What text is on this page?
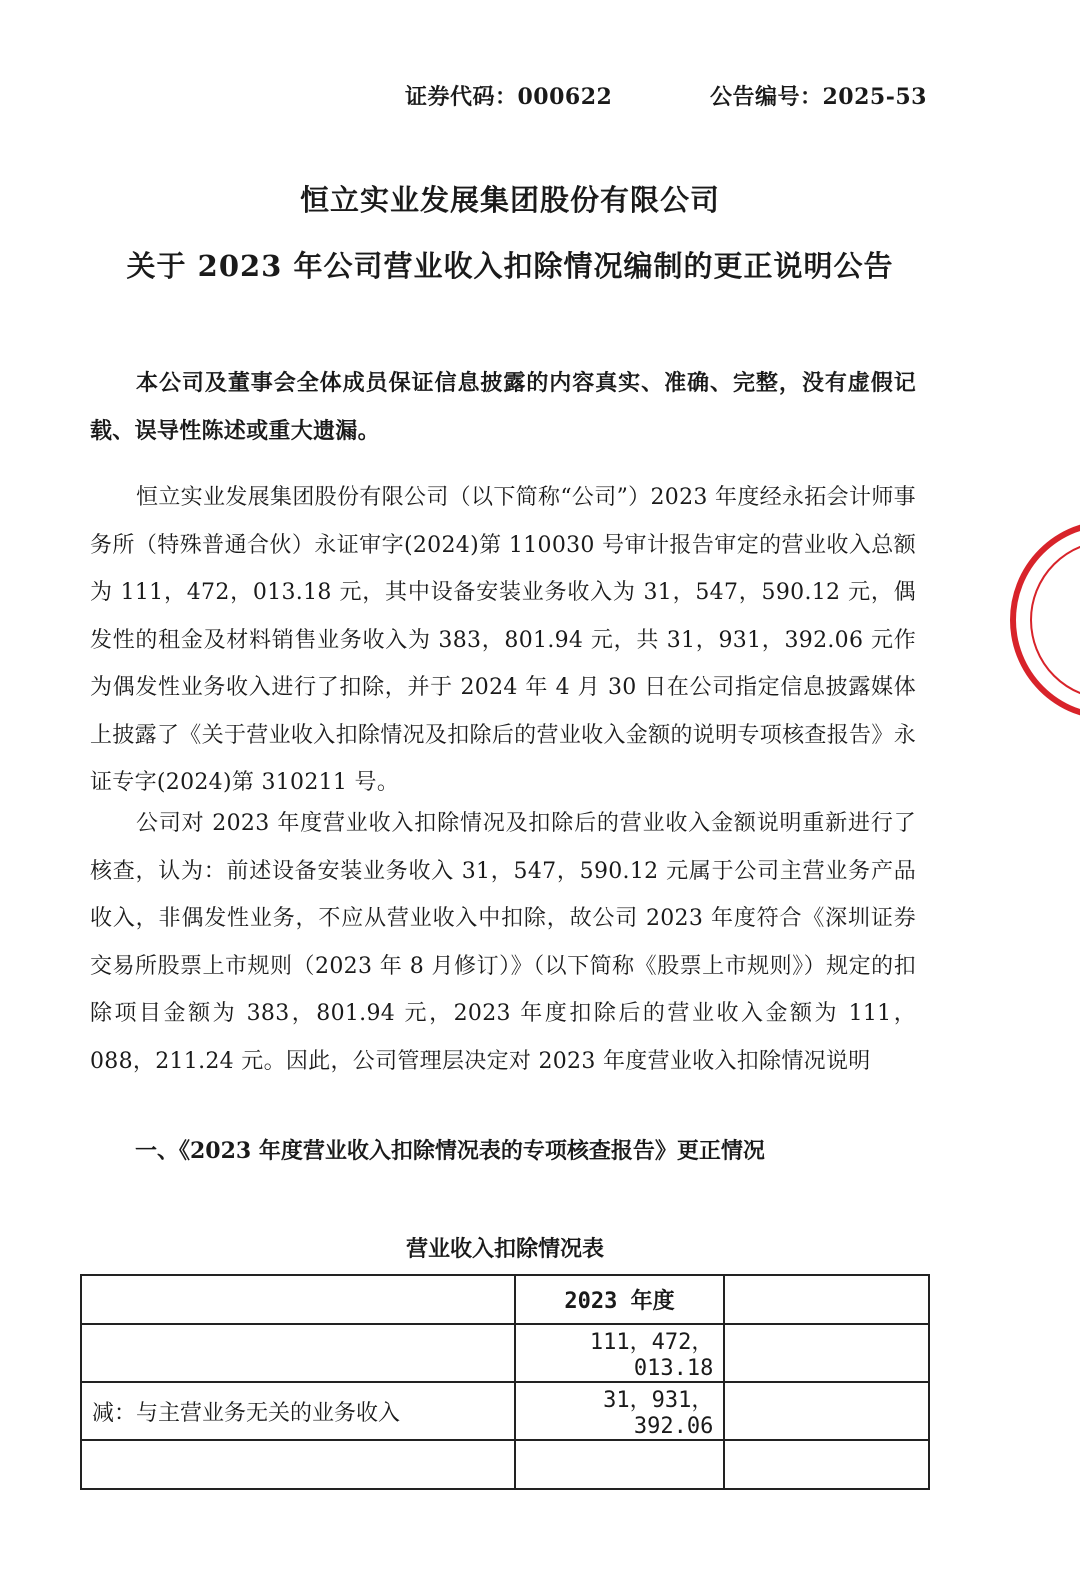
证券代码：000622	公告编号：2025-53
恒立实业发展集团股份有限公司
关于 2023 年公司营业收入扣除情况编制的更正说明公告
本公司及董事会全体成员保证信息披露的内容真实、准确、完整，没有虚假记载、误导性陈述或重大遗漏。
恒立实业发展集团股份有限公司（以下简称“公司”）2023 年度经永拓会计师事务所（特殊普通合伙）永证审字(2024)第 110030 号审计报告审定的营业收入总额为 111，472，013.18 元，其中设备安装业务收入为 31，547，590.12 元，偶发性的租金及材料销售业务收入为 383，801.94 元，共 31，931，392.06 元作为偶发性业务收入进行了扣除，并于 2024 年 4 月 30 日在公司指定信息披露媒体上披露了《关于营业收入扣除情况及扣除后的营业收入金额的说明专项核查报告》永证专字(2024)第 310211 号。
公司对 2023 年度营业收入扣除情况及扣除后的营业收入金额说明重新进行了核查，认为：前述设备安装业务收入 31，547，590.12 元属于公司主营业务产品收入，非偶发性业务，不应从营业收入中扣除，故公司 2023 年度符合《深圳证券交易所股票上市规则（2023 年 8 月修订）》（以下简称《股票上市规则》）规定的扣除项目金额为 383，801.94 元，2023 年度扣除后的营业收入金额为 111，088，211.24 元。因此，公司管理层决定对 2023 年度营业收入扣除情况说明
一、《2023 年度营业收入扣除情况表的专项核查报告》更正情况
营业收入扣除情况表
	2023 年度	
	111，472，013.18	
减：与主营业务无关的业务收入	31，931，392.06	
